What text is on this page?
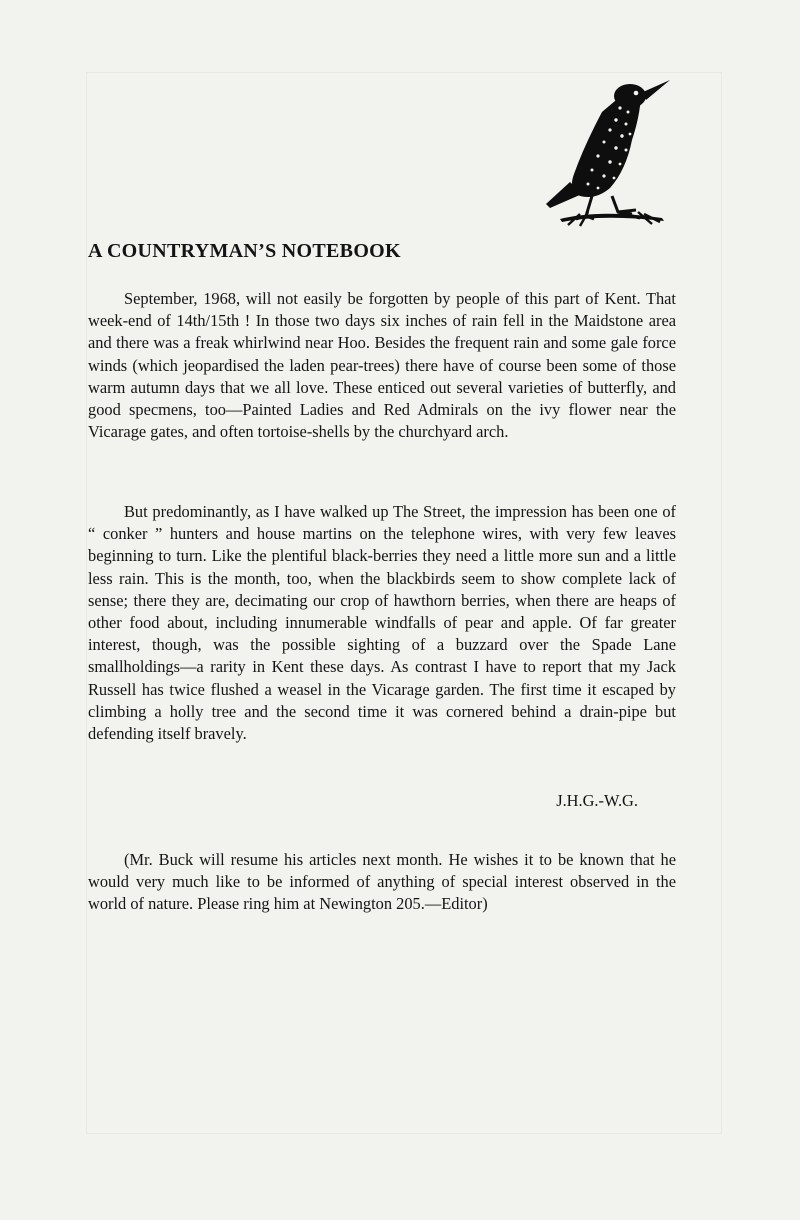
A COUNTRYMAN’S NOTEBOOK

September, 1968, will not easily be forgotten by people of this part of Kent. That week-end of 14th/15th ! In those two days six inches of rain fell in the Maidstone area and there was a freak whirlwind near Hoo. Besides the frequent rain and some gale force winds (which jeopardised the laden pear-trees) there have of course been some of those warm autumn days that we all love. These enticed out several varieties of butterfly, and good specmens, too—Painted Ladies and Red Admirals on the ivy flower near the Vicarage gates, and often tortoise-shells by the churchyard arch.

But predominantly, as I have walked up The Street, the impression has been one of “ conker ” hunters and house martins on the telephone wires, with very few leaves beginning to turn. Like the plentiful black-berries they need a little more sun and a little less rain. This is the month, too, when the blackbirds seem to show complete lack of sense; there they are, decimating our crop of hawthorn berries, when there are heaps of other food about, including innumerable windfalls of pear and apple. Of far greater interest, though, was the possible sighting of a buzzard over the Spade Lane smallholdings—a rarity in Kent these days. As contrast I have to report that my Jack Russell has twice flushed a weasel in the Vicarage garden. The first time it escaped by climbing a holly tree and the second time it was cornered behind a drain-pipe but defending itself bravely.

J.H.G.-W.G.

(Mr. Buck will resume his articles next month. He wishes it to be known that he would very much like to be informed of anything of special interest observed in the world of nature. Please ring him at Newington 205.—Editor)
